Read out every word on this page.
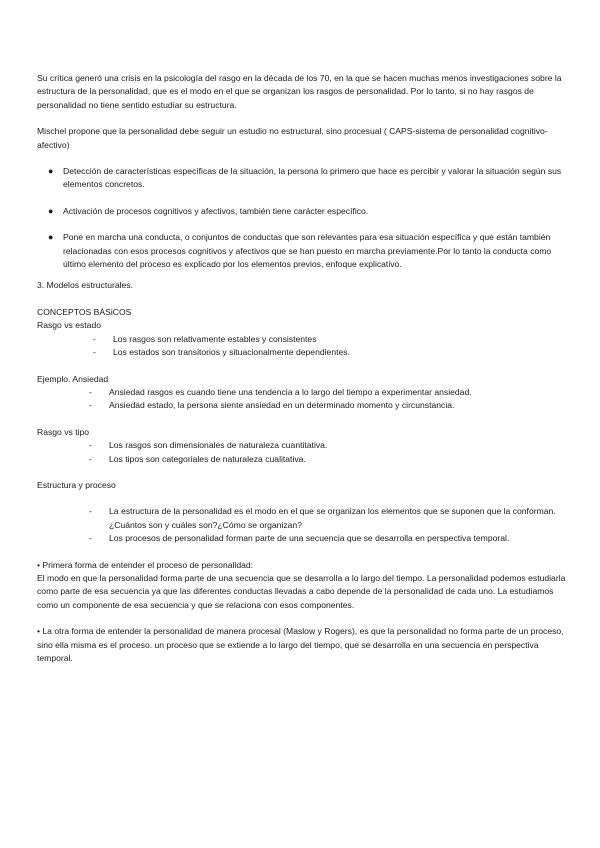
Su crítica generó una crisis en la psicología del rasgo en la década de los 70, en la que se hacen muchas menos investigaciones sobre la estructura de la personalidad, que es el modo en el que se organizan los rasgos de personalidad. Por lo tanto, si no hay rasgos de personalidad no tiene sentido estudiar su estructura.

Mischel propone que la personalidad debe seguir un estudio no estructural, sino procesual ( CAPS-sistema de personalidad cognitivo-afectivo)

●	Detección de características específicas de la situación, la persona lo primero que hace es percibir y valorar la situación según sus elementos concretos.
●	Activación de procesos cognitivos y afectivos, también tiene carácter específico.
●	Pone en marcha una conducta, o conjuntos de conductas que son relevantes para esa situación específica y que están también relacionadas con esos procesos cognitivos y afectivos que se han puesto en marcha previamente.Por lo tanto la conducta como último elemento del proceso es explicado por los elementos previos, enfoque explicativo.

3. Modelos estructurales.

CONCEPTOS BÁSiCOS

Rasgo vs estado

-	Los rasgos son relativamente estables y consistentes
-	Los estados son transitorios y situacionalmente dependientes.

Ejemplo. Ansiedad

-	Ansiedad rasgos es cuando tiene una tendencia a lo largo del tiempo a experimentar ansiedad.
-	Ansiedad estado, la persona siente ansiedad en un determinado momento y circunstancia.

Rasgo vs tipo

-	Los rasgos son dimensionales de naturaleza cuantitativa.
-	Los tipos son categoriales de naturaleza cualitativa.

Estructura y proceso

-	La estructura de la personalidad es el modo en el que se organizan los elementos que se suponen que la conforman. ¿Cuántos son y cuáles son?¿Cómo se organizan?
-	Los procesos de personalidad forman parte de una secuencia que se desarrolla en perspectiva temporal.

• Primera forma de entender el proceso de personalidad:

El modo en que la personalidad forma parte de una secuencia que se desarrolla a lo largo del tiempo. La personalidad podemos estudiarla como parte de esa secuencia ya que las diferentes conductas llevadas a cabo depende de la personalidad de cada uno. La estudiamos como un componente de esa secuencia y que se relaciona con esos componentes.

• La otra forma de entender la personalidad de manera procesal (Maslow y Rogers), es que la personalidad no forma parte de un proceso, sino ella misma es el proceso. un proceso que se extiende a lo largo del tiempo, que se desarrolla en una secuencia en perspectiva temporal.
